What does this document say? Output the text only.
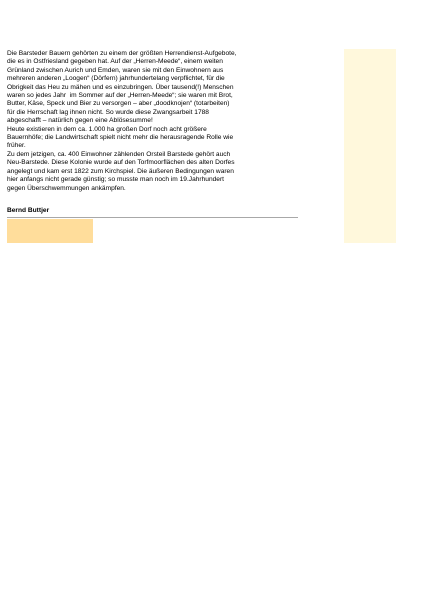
Die Barsteder Bauern gehörten zu einem der größten Herrendienst-Aufgebote,
die es in Ostfriesland gegeben hat. Auf der „Herren-Meede“, einem weiten
Grünland zwischen Aurich und Emden, waren sie mit den Einwohnern aus
mehreren anderen „Loogen“ (Dörfern) jahrhundertelang verpflichtet, für die
Obrigkeit das Heu zu mähen und es einzubringen. Über tausend(!) Menschen
waren so jedes Jahr  im Sommer auf der „Herren-Meede“; sie waren mit Brot,
Butter, Käse, Speck und Bier zu versorgen – aber „doodknojen“ (totarbeiten)
für die Herrschaft lag ihnen nicht. So wurde diese Zwangsarbeit 1788
abgeschafft – natürlich gegen eine Ablösesumme!
Heute existieren in dem ca. 1.000 ha großen Dorf noch acht größere
Bauernhöfe; die Landwirtschaft spielt nicht mehr die herausragende Rolle wie
früher.
Zu dem jetzigen, ca. 400 Einwohner zählenden Orsteil Barstede gehört auch
Neu-Barstede. Diese Kolonie wurde auf den Torfmoorflächen des alten Dorfes
angelegt und kam erst 1822 zum Kirchspiel. Die äußeren Bedingungen waren
hier anfangs nicht gerade günstig; so musste man noch im 19.Jahrhundert
gegen Überschwemmungen ankämpfen.

Bernd Buttjer
